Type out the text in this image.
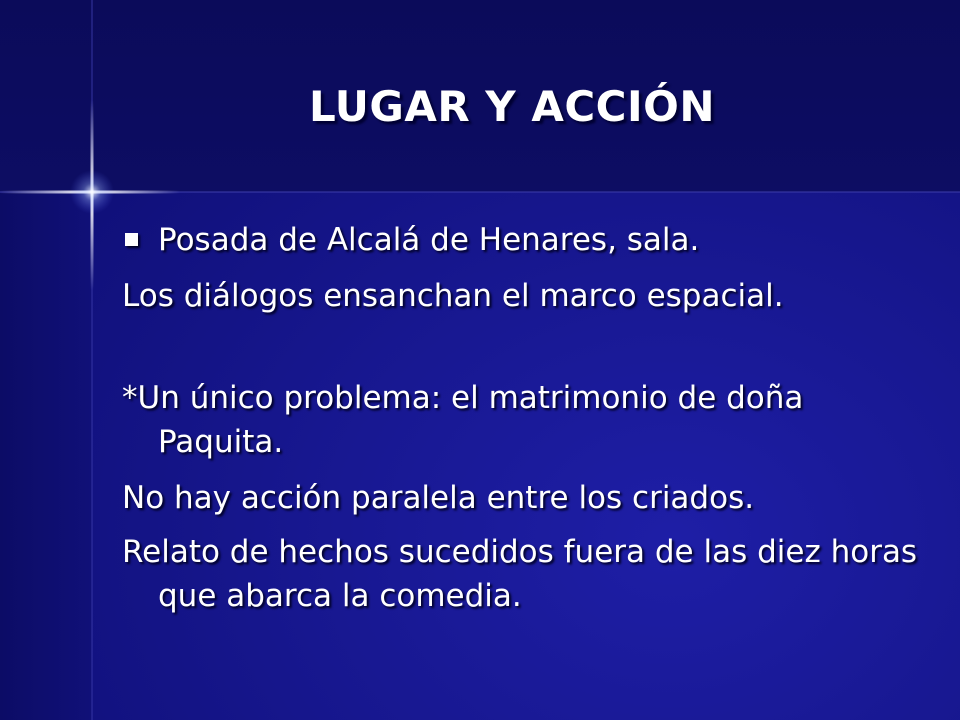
LUGAR Y ACCIÓN

Posada de Alcalá de Henares, sala.

Los diálogos ensanchan el marco espacial.

*Un único problema: el matrimonio de doña Paquita.

No hay acción paralela entre los criados.

Relato de hechos sucedidos fuera de las diez horas que abarca la comedia.
